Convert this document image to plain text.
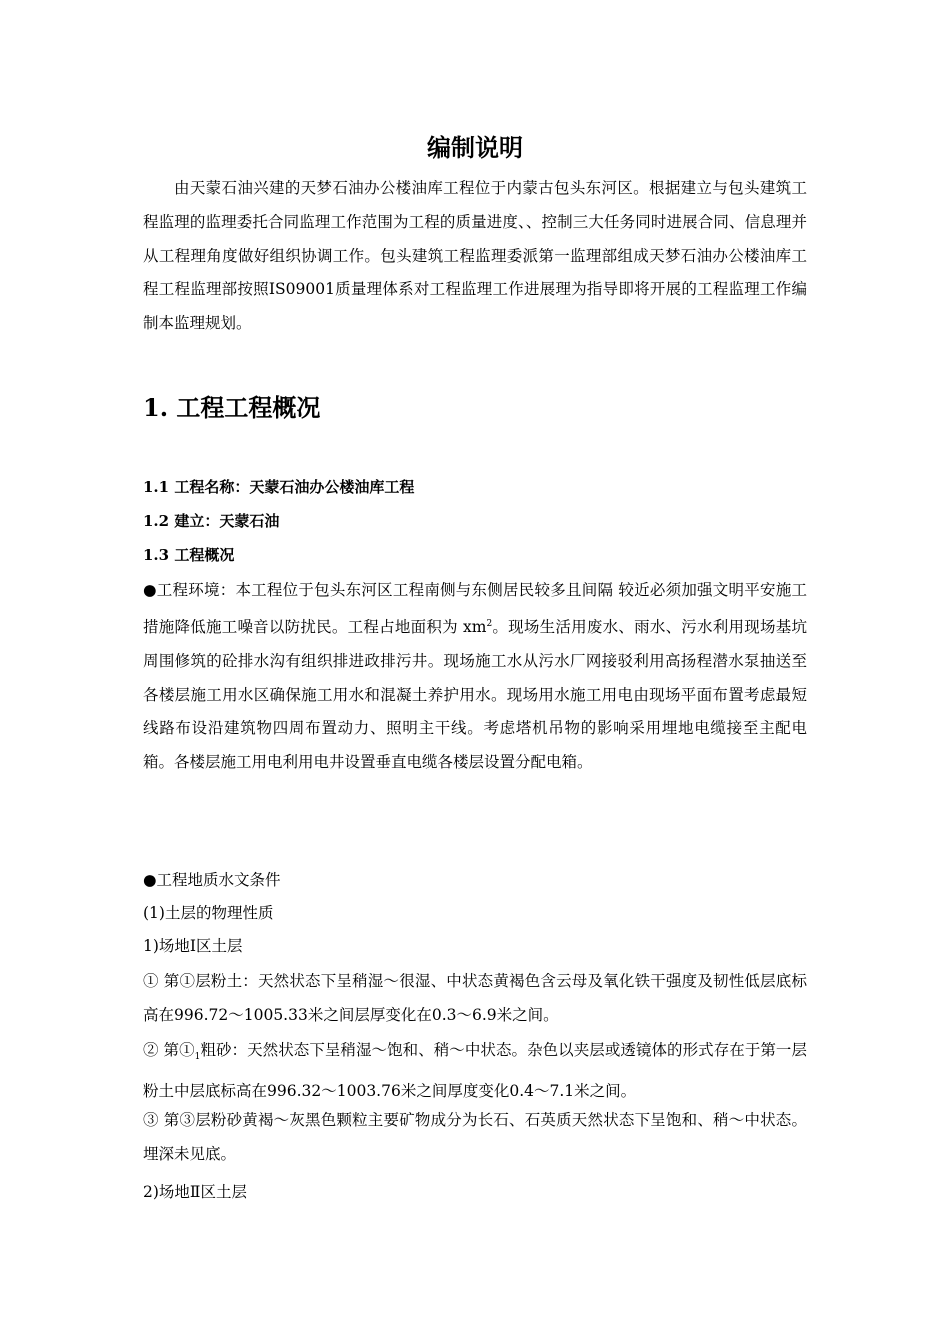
编制说明
由天蒙石油兴建的天梦石油办公楼油库工程位于内蒙古包头东河区。根据建立与包头建筑工程监理的监理委托合同监理工作范围为工程的质量进度、、控制三大任务同时进展合同、信息理并从工程理角度做好组织协调工作。包头建筑工程监理委派第一监理部组成天梦石油办公楼油库工程工程监理部按照IS09001质量理体系对工程监理工作进展理为指导即将开展的工程监理工作编制本监理规划。
1. 工程工程概况
1.1 工程名称：天蒙石油办公楼油库工程
1.2 建立：天蒙石油
1.3 工程概况
●工程环境：本工程位于包头东河区工程南侧与东侧居民较多且间隔 较近必须加强文明平安施工措施降低施工噪音以防扰民。工程占地面积为 $xm^2$。现场生活用废水、雨水、污水利用现场基坑周围修筑的砼排水沟有组织排进政排污井。现场施工水从污水厂网接驳利用高扬程潜水泵抽送至各楼层施工用水区确保施工用水和混凝土养护用水。现场用水施工用电由现场平面布置考虑最短线路布设沿建筑物四周布置动力、照明主干线。考虑塔机吊物的影响采用埋地电缆接至主配电箱。各楼层施工用电利用电井设置垂直电缆各楼层设置分配电箱。
●工程地质水文条件
(1)土层的物理性质
1)场地Ⅰ区土层
① 第①层粉土：天然状态下呈稍湿～很湿、中状态黄褐色含云母及氧化铁干强度及韧性低层底标高在996.72～1005.33米之间层厚变化在0.3～6.9米之间。
② 第$①_1$粗砂：天然状态下呈稍湿～饱和、稍～中状态。杂色以夹层或透镜体的形式存在于第一层粉土中层底标高在996.32～1003.76米之间厚度变化0.4～7.1米之间。
③ 第③层粉砂黄褐～灰黑色颗粒主要矿物成分为长石、石英质天然状态下呈饱和、稍～中状态。埋深未见底。
2)场地Ⅱ区土层
